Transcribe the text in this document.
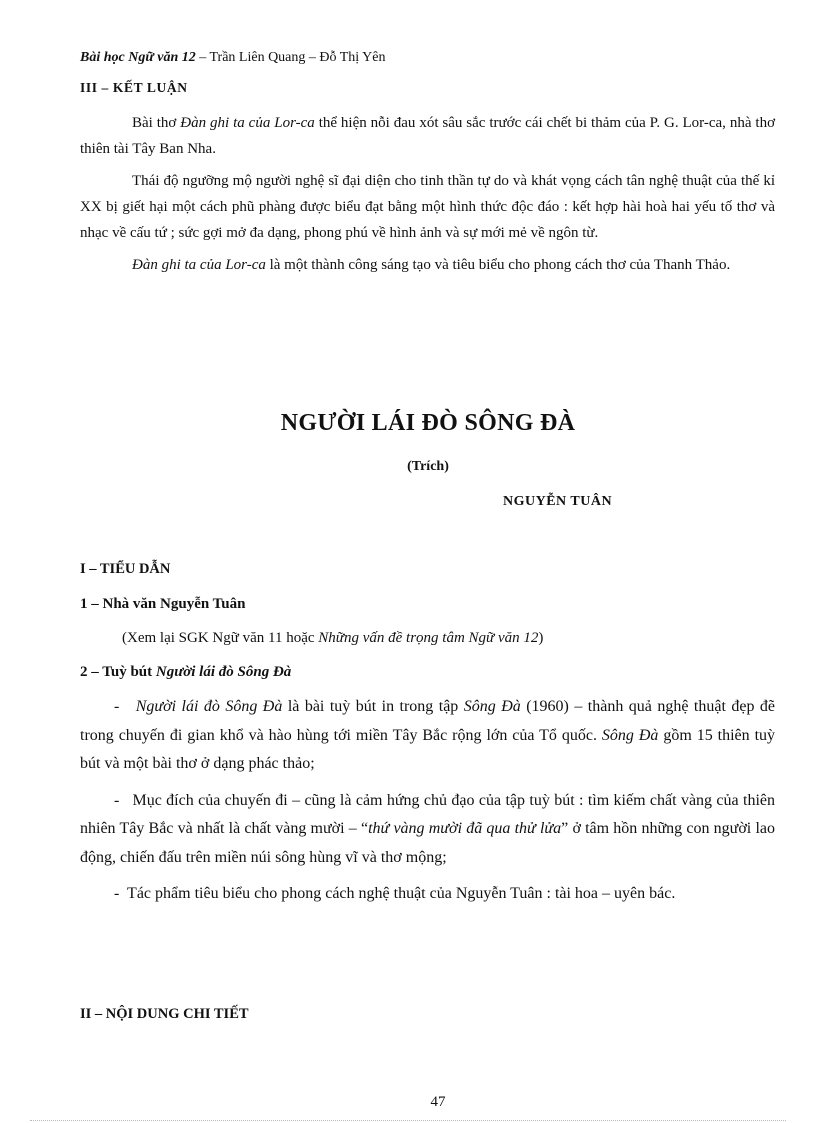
Bài học Ngữ văn 12 – Trần Liên Quang – Đỗ Thị Yên
III – KẾT LUẬN

Bài thơ Đàn ghi ta của Lor-ca thể hiện nỗi đau xót sâu sắc trước cái chết bi thảm của P. G. Lor-ca, nhà thơ thiên tài Tây Ban Nha.

Thái độ ngưỡng mộ người nghệ sĩ đại diện cho tinh thần tự do và khát vọng cách tân nghệ thuật của thế kỉ XX bị giết hại một cách phũ phàng được biểu đạt bằng một hình thức độc đáo : kết hợp hài hoà hai yếu tố thơ và nhạc về cấu tứ ; sức gợi mở đa dạng, phong phú về hình ảnh và sự mới mẻ về ngôn từ.

Đàn ghi ta của Lor-ca là một thành công sáng tạo và tiêu biểu cho phong cách thơ của Thanh Thảo.

NGƯỜI LÁI ĐÒ SÔNG ĐÀ
(Trích)
NGUYỄN TUÂN
I – TIỂU DẪN
1 – Nhà văn Nguyễn Tuân
(Xem lại SGK Ngữ văn 11 hoặc Những vấn đề trọng tâm Ngữ văn 12)
2 – Tuỳ bút Người lái đò Sông Đà

-   Người lái đò Sông Đà là bài tuỳ bút in trong tập Sông Đà (1960) – thành quả nghệ thuật đẹp đẽ trong chuyến đi gian khổ và hào hùng tới miền Tây Bắc rộng lớn của Tổ quốc. Sông Đà gồm 15 thiên tuỳ bút và một bài thơ ở dạng phác thảo;

-   Mục đích của chuyến đi – cũng là cảm hứng chủ đạo của tập tuỳ bút : tìm kiếm chất vàng của thiên nhiên Tây Bắc và nhất là chất vàng mười – “thứ vàng mười đã qua thử lửa” ở tâm hồn những con người lao động, chiến đấu trên miền núi sông hùng vĩ và thơ mộng;

-  Tác phẩm tiêu biểu cho phong cách nghệ thuật của Nguyễn Tuân : tài hoa – uyên bác.

II – NỘI DUNG CHI TIẾT
47
